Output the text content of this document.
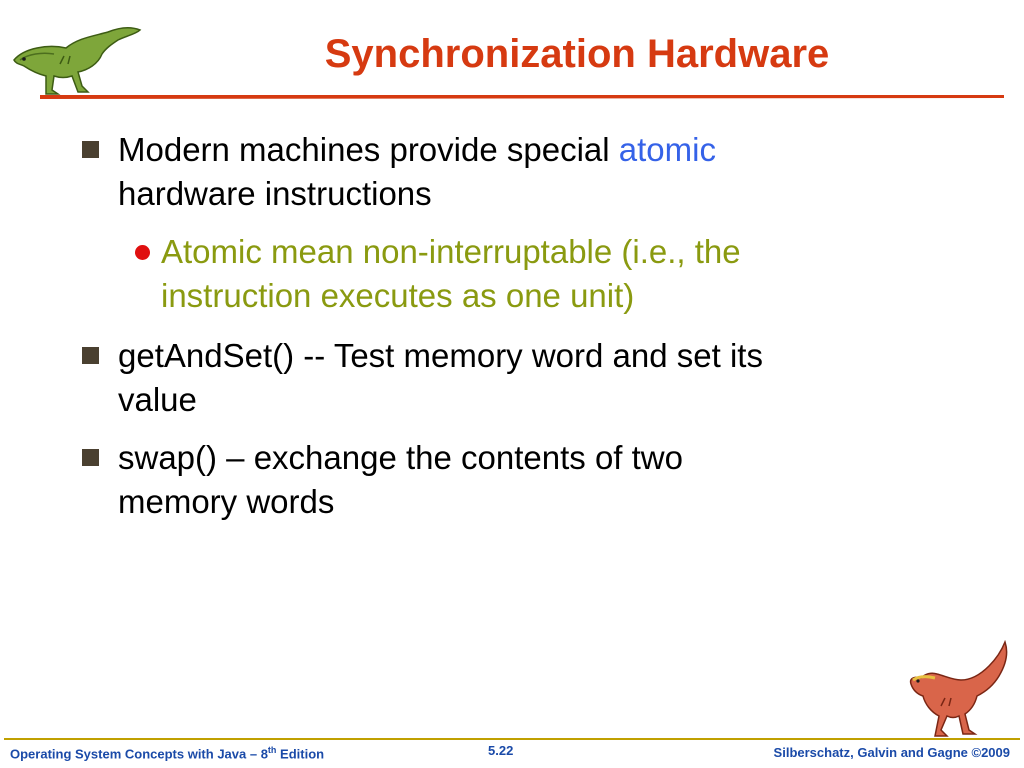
Synchronization Hardware
Modern machines provide special atomic
hardware instructions
Atomic mean non-interruptable (i.e., the
instruction executes as one unit)
getAndSet() -- Test memory word and set its
value
swap() – exchange the contents of two
memory words
Operating System Concepts with Java – 8th Edition	5.22	Silberschatz, Galvin and Gagne ©2009
